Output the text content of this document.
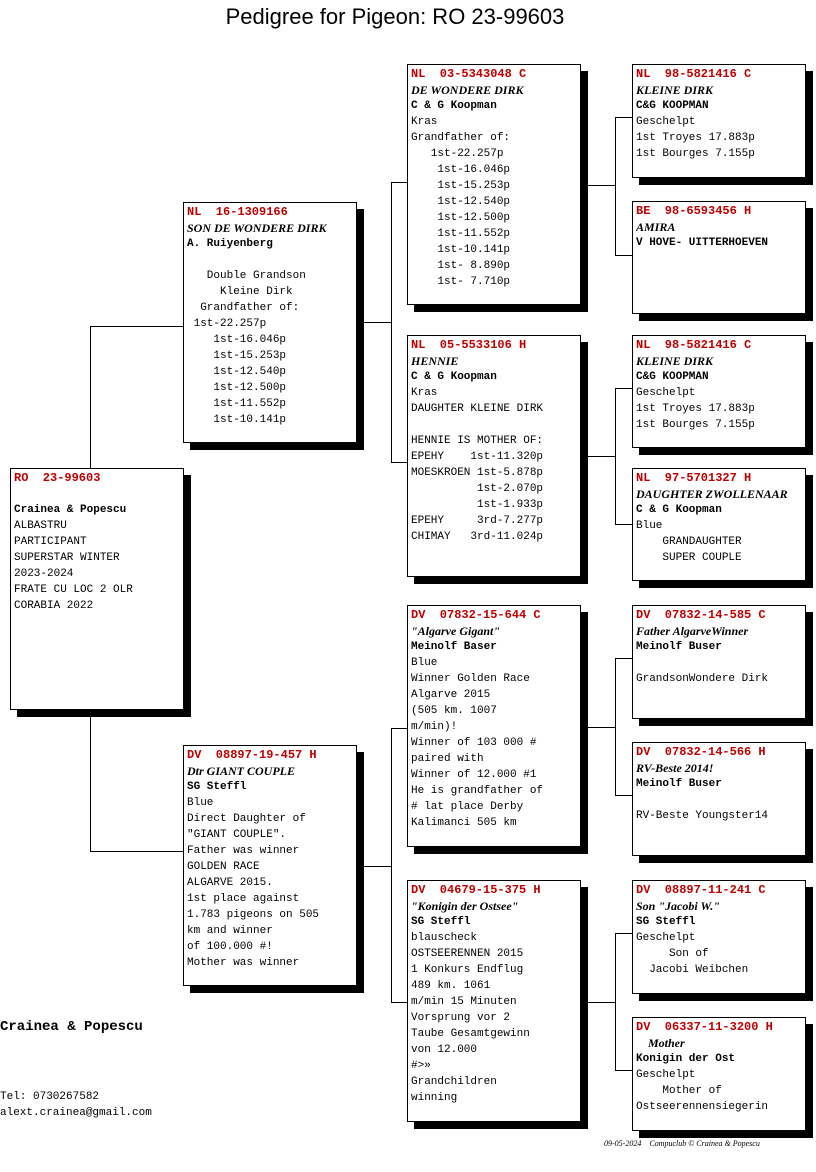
Pedigree for Pigeon: RO 23-99603
RO  23-99603
Crainea & Popescu
ALBASTRU
PARTICIPANT
SUPERSTAR WINTER
2023-2024
FRATE CU LOC 2 OLR
CORABIA 2022
NL  16-1309166
SON DE WONDERE DIRK
A. Ruiyenberg
Double Grandson
Kleine Dirk
Grandfather of:
1st-22.257p
1st-16.046p
1st-15.253p
1st-12.540p
1st-12.500p
1st-11.552p
1st-10.141p
DV  08897-19-457 H
Dtr GIANT COUPLE
SG Steffl
Blue
Direct Daughter of
"GIANT COUPLE".
Father was winner
GOLDEN RACE
ALGARVE 2015.
1st place against
1.783 pigeons on 505
km and winner
of 100.000 #!
Mother was winner
NL  03-5343048 C
DE WONDERE DIRK
C & G Koopman
Kras
Grandfather of:
1st-22.257p
1st-16.046p
1st-15.253p
1st-12.540p
1st-12.500p
1st-11.552p
1st-10.141p
1st- 8.890p
1st- 7.710p
NL  05-5533106 H
HENNIE
C & G Koopman
Kras
DAUGHTER KLEINE DIRK
HENNIE IS MOTHER OF:
EPEHY    1st-11.320p
MOESKROEN 1st-5.878p
1st-2.070p
1st-1.933p
EPEHY     3rd-7.277p
CHIMAY   3rd-11.024p
DV  07832-15-644 C
"Algarve Gigant"
Meinolf Baser
Blue
Winner Golden Race
Algarve 2015
(505 km. 1007
m/min)!
Winner of 103 000 #
paired with
Winner of 12.000 #1
He is grandfather of
# lat place Derby
Kalimanci 505 km
DV  04679-15-375 H
"Konigin der Ostsee"
SG Steffl
blauscheck
OSTSEERENNEN 2015
1 Konkurs Endflug
489 km. 1061
m/min 15 Minuten
Vorsprung vor 2
Taube Gesamtgewinn
von 12.000
#>»
Grandchildren
winning
NL  98-5821416 C
KLEINE DIRK
C&G KOOPMAN
Geschelpt
1st Troyes 17.883p
1st Bourges 7.155p
BE  98-6593456 H
AMIRA
V HOVE- UITTERHOEVEN
NL  98-5821416 C
KLEINE DIRK
C&G KOOPMAN
Geschelpt
1st Troyes 17.883p
1st Bourges 7.155p
NL  97-5701327 H
DAUGHTER ZWOLLENAAR
C & G Koopman
Blue
GRANDAUGHTER
SUPER COUPLE
DV  07832-14-585 C
Father AlgarveWinner
Meinolf Buser
GrandsonWondere Dirk
DV  07832-14-566 H
RV-Beste 2014!
Meinolf Buser
RV-Beste Youngster14
DV  08897-11-241 C
Son "Jacobi W."
SG Steffl
Geschelpt
Son of
Jacobi Weibchen
DV  06337-11-3200 H
Mother
Konigin der Ost
Geschelpt
Mother of
Ostseerennensiegerin
Crainea & Popescu
Tel: 0730267582
alext.crainea@gmail.com
09-05-2024    Compuclub © Crainea & Popescu
